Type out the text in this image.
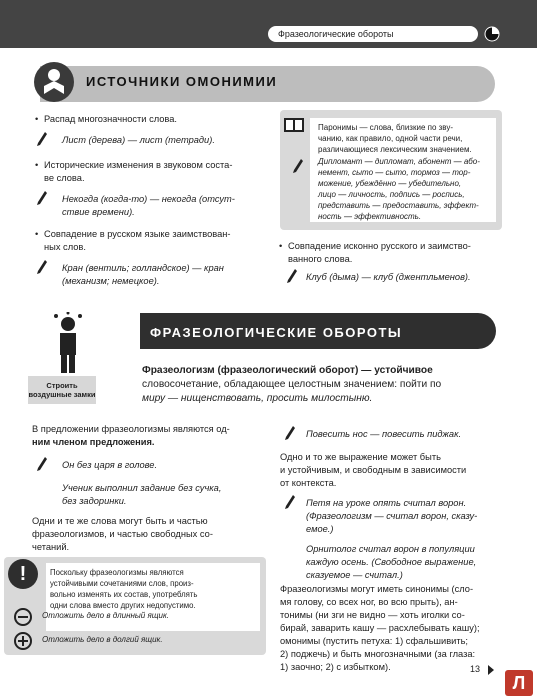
Фразеологические обороты
ИСТОЧНИКИ ОМОНИМИИ
• Распад многозначности слова.
Лист (дерева) — лист (тетради).
• Исторические изменения в звуковом соста-
ве слова.
Некогда (когда-то) — некогда (отсут-
ствие времени).
• Совпадение в русском языке заимствован-
ных слов.
Кран (вентиль; голландское) — кран
(механизм; немецкое).
Паронимы — слова, близкие по зву-
чанию, как правило, одной части речи,
различающиеся лексическим значением.
Дипломант — дипломат, абонент — або-
немент, сыто — сыто, тормоз — тор-
можение, убеждённо — убедительно,
лицо — личность, подпись — роспись,
представить — предоставить, эффект-
ность — эффективность.
• Совпадение исконно русского и заимство-
ванного слова.
Клуб (дыма) — клуб (джентльменов).
Строить воздушные замки
ФРАЗЕОЛОГИЧЕСКИЕ ОБОРОТЫ
Фразеологизм (фразеологический оборот) — устойчивое
словосочетание, обладающее целостным значением: пойти по
миру — нищенствовать, просить милостыню.
В предложении фразеологизмы являются од-
ним членом предложения.
Он без царя в голове.
Ученик выполнил задание без сучка,
без задоринки.
Одни и те же слова могут быть и частью
фразеологизмов, и частью свободных со-
четаний.
!	Поскольку фразеологизмы являются
устойчивыми сочетаниями слов, произ-
вольно изменять их состав, употреблять
одни слова вместо других недопустимо.
Отложить дело в длинный ящик.
Отложить дело в долгий ящик.
Повесить нос — повесить пиджак.
Одно и то же выражение может быть
и устойчивым, и свободным в зависимости
от контекста.
Петя на уроке опять считал ворон.
(Фразеологизм — считал ворон, сказу-
емое.)
Орнитолог считал ворон в популяции
каждую осень. (Свободное выражение,
сказуемое — считал.)
Фразеологизмы могут иметь синонимы (сло-
мя голову, со всех ног, во всю прыть), ан-
тонимы (ни зги не видно — хоть иголки со-
бирай, заварить кашу — расхлебывать кашу);
омонимы (пустить петуха: 1) сфальшивить;
2) поджечь) и быть многозначными (за глаза:
1) заочно; 2) с избытком).	13
Л
